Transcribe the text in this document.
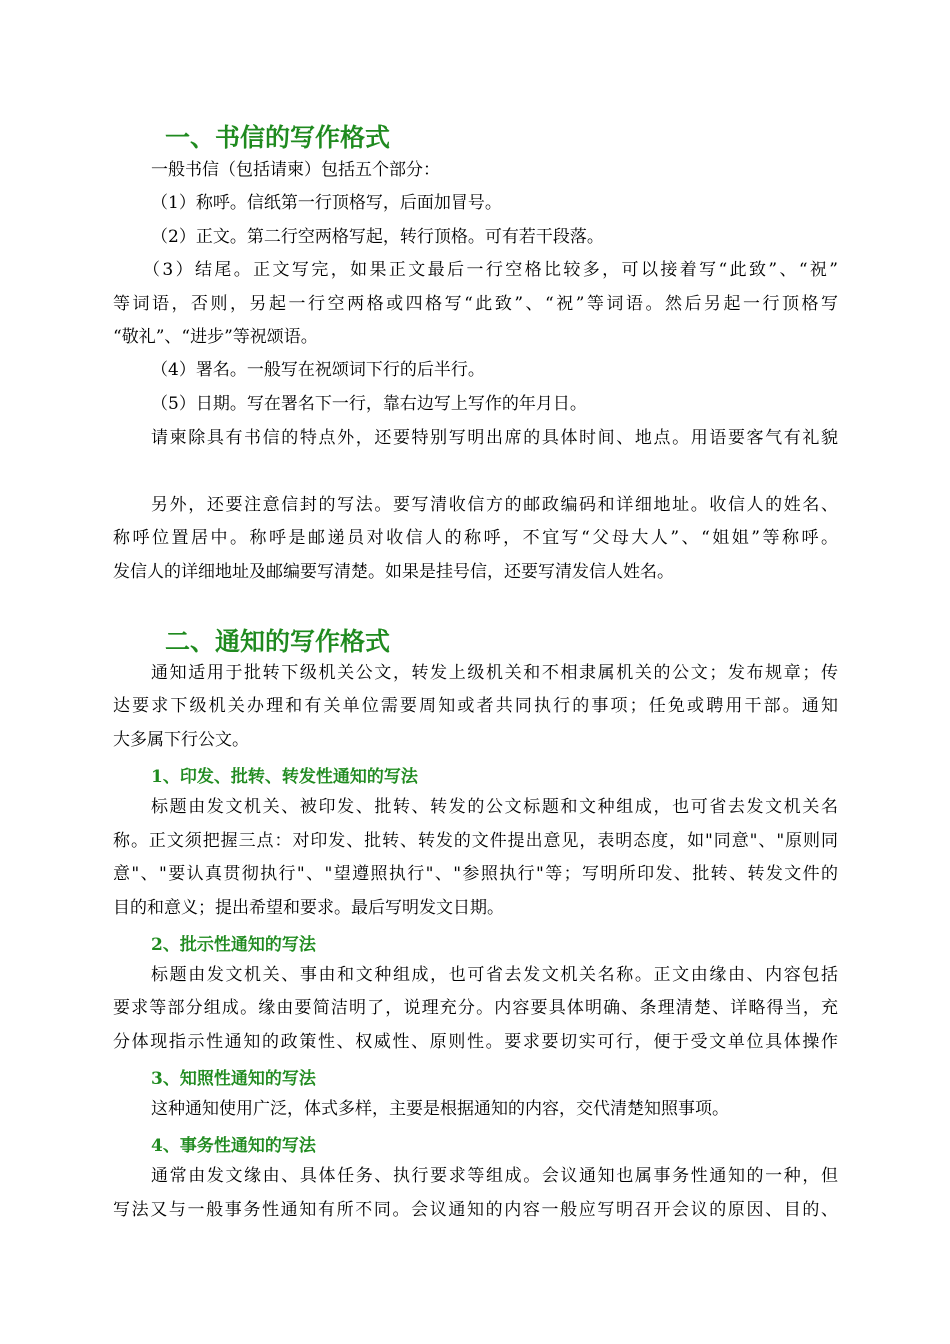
一、书信的写作格式
一般书信（包括请柬）包括五个部分：
（1）称呼。信纸第一行顶格写，后面加冒号。
（2）正文。第二行空两格写起，转行顶格。可有若干段落。
（3）结尾。正文写完，如果正文最后一行空格比较多，可以接着写“此致”、“祝”
等词语，否则，另起一行空两格或四格写“此致”、“祝”等词语。然后另起一行顶格写
“敬礼”、“进步”等祝颂语。
（4）署名。一般写在祝颂词下行的后半行。
（5）日期。写在署名下一行，靠右边写上写作的年月日。
请柬除具有书信的特点外，还要特别写明出席的具体时间、地点。用语要客气有礼貌
另外，还要注意信封的写法。要写清收信方的邮政编码和详细地址。收信人的姓名、
称呼位置居中。称呼是邮递员对收信人的称呼，不宜写“父母大人”、“姐姐”等称呼。
发信人的详细地址及邮编要写清楚。如果是挂号信，还要写清发信人姓名。
二、通知的写作格式
通知适用于批转下级机关公文，转发上级机关和不相隶属机关的公文；发布规章；传
达要求下级机关办理和有关单位需要周知或者共同执行的事项；任免或聘用干部。通知
大多属下行公文。
1、印发、批转、转发性通知的写法
标题由发文机关、被印发、批转、转发的公文标题和文种组成，也可省去发文机关名
称。正文须把握三点：对印发、批转、转发的文件提出意见，表明态度，如"同意"、"原则同
意"、"要认真贯彻执行"、"望遵照执行"、"参照执行"等；写明所印发、批转、转发文件的
目的和意义；提出希望和要求。最后写明发文日期。
2、批示性通知的写法
标题由发文机关、事由和文种组成，也可省去发文机关名称。正文由缘由、内容包括
要求等部分组成。缘由要简洁明了，说理充分。内容要具体明确、条理清楚、详略得当，充
分体现指示性通知的政策性、权威性、原则性。要求要切实可行，便于受文单位具体操作
3、知照性通知的写法
这种通知使用广泛，体式多样，主要是根据通知的内容，交代清楚知照事项。
4、事务性通知的写法
通常由发文缘由、具体任务、执行要求等组成。会议通知也属事务性通知的一种，但
写法又与一般事务性通知有所不同。会议通知的内容一般应写明召开会议的原因、目的、
